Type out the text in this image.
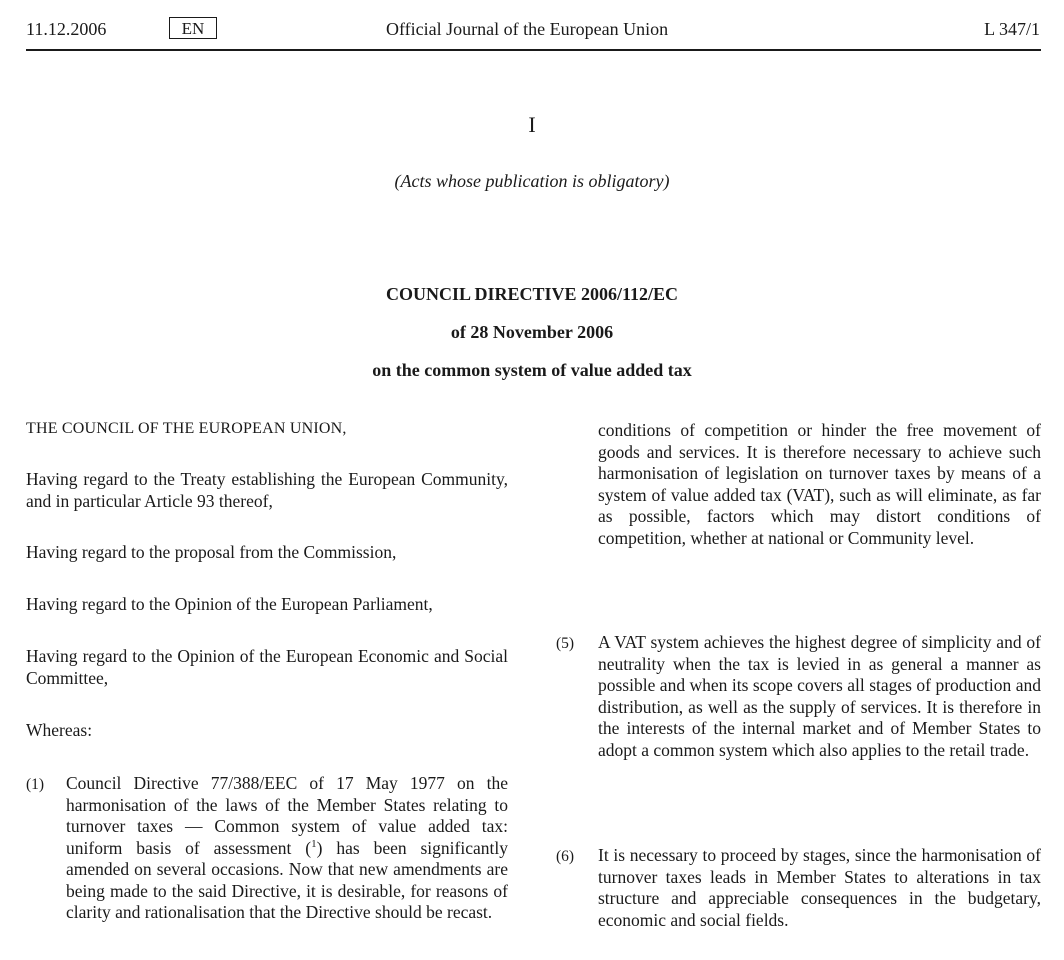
11.12.2006	EN	Official Journal of the European Union	L 347/1
I
(Acts whose publication is obligatory)
COUNCIL DIRECTIVE 2006/112/EC
of 28 November 2006
on the common system of value added tax

THE COUNCIL OF THE EUROPEAN UNION,

Having regard to the Treaty establishing the European Community, and in particular Article 93 thereof,

Having regard to the proposal from the Commission,

Having regard to the Opinion of the European Parliament,

Having regard to the Opinion of the European Economic and Social Committee,

Whereas:

(1) Council Directive 77/388/EEC of 17 May 1977 on the harmonisation of the laws of the Member States relating to turnover taxes — Common system of value added tax: uniform basis of assessment ($^1$) has been significantly amended on several occasions. Now that new amendments are being made to the said Directive, it is desirable, for reasons of clarity and rationalisation that the Directive should be recast.

conditions of competition or hinder the free movement of goods and services. It is therefore necessary to achieve such harmonisation of legislation on turnover taxes by means of a system of value added tax (VAT), such as will eliminate, as far as possible, factors which may distort conditions of competition, whether at national or Community level.

(5) A VAT system achieves the highest degree of simplicity and of neutrality when the tax is levied in as general a manner as possible and when its scope covers all stages of production and distribution, as well as the supply of services. It is therefore in the interests of the internal market and of Member States to adopt a common system which also applies to the retail trade.

(6) It is necessary to proceed by stages, since the harmonisation of turnover taxes leads in Member States to alterations in tax structure and appreciable consequences in the budgetary, economic and social fields.
